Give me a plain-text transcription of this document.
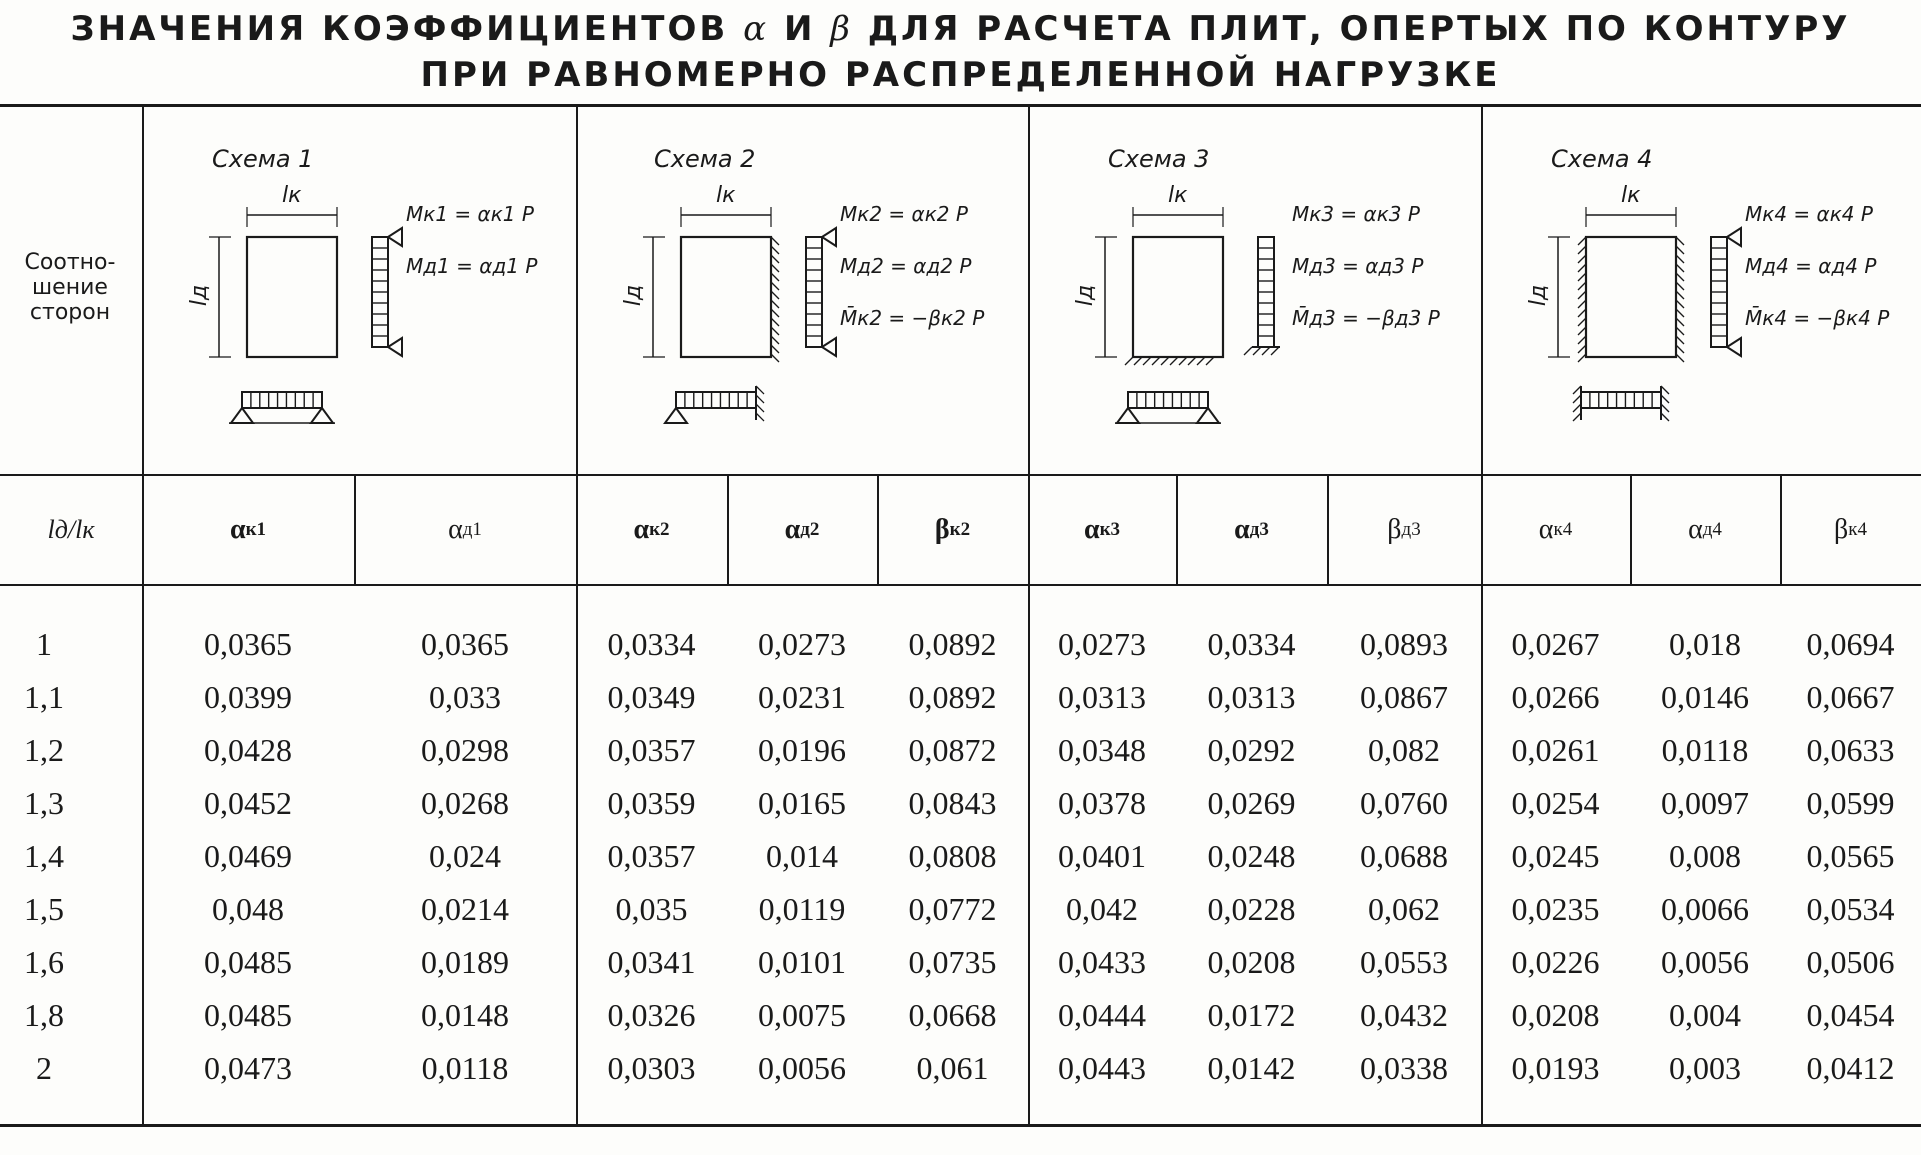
ЗНАЧЕНИЯ КОЭФФИЦИЕНТОВ α И β ДЛЯ РАСЧЕТА ПЛИТ, ОПЕРТЫХ ПО КОНТУРУ
ПРИ РАВНОМЕРНО РАСПРЕДЕЛЕННОЙ НАГРУЗКЕ
Соотно-
шение
сторон
lд/lк
Схема 1
lк
lд
Mк1 = αк1 P
Mд1 = αд1 P
Схема 2
lк
lд
Mк2 = αк2 P
Mд2 = αд2 P
M̄к2 = −βк2 P
Схема 3
lк
lд
Mк3 = αк3 P
Mд3 = αд3 P
M̄д3 = −βд3 P
Схема 4
lк
lд
Mк4 = αк4 P
Mд4 = αд4 P
M̄к4 = −βк4 P
α к1	α д1	α к2	α д2	β к2	α к3	α д3	β д3	α к4	α д4	β к4
1	0,0365	0,0365	0,0334	0,0273	0,0892	0,0273	0,0334	0,0893	0,0267	0,018	0,0694
1,1	0,0399	0,033	0,0349	0,0231	0,0892	0,0313	0,0313	0,0867	0,0266	0,0146	0,0667
1,2	0,0428	0,0298	0,0357	0,0196	0,0872	0,0348	0,0292	0,082	0,0261	0,0118	0,0633
1,3	0,0452	0,0268	0,0359	0,0165	0,0843	0,0378	0,0269	0,0760	0,0254	0,0097	0,0599
1,4	0,0469	0,024	0,0357	0,014	0,0808	0,0401	0,0248	0,0688	0,0245	0,008	0,0565
1,5	0,048	0,0214	0,035	0,0119	0,0772	0,042	0,0228	0,062	0,0235	0,0066	0,0534
1,6	0,0485	0,0189	0,0341	0,0101	0,0735	0,0433	0,0208	0,0553	0,0226	0,0056	0,0506
1,8	0,0485	0,0148	0,0326	0,0075	0,0668	0,0444	0,0172	0,0432	0,0208	0,004	0,0454
2	0,0473	0,0118	0,0303	0,0056	0,061	0,0443	0,0142	0,0338	0,0193	0,003	0,0412
